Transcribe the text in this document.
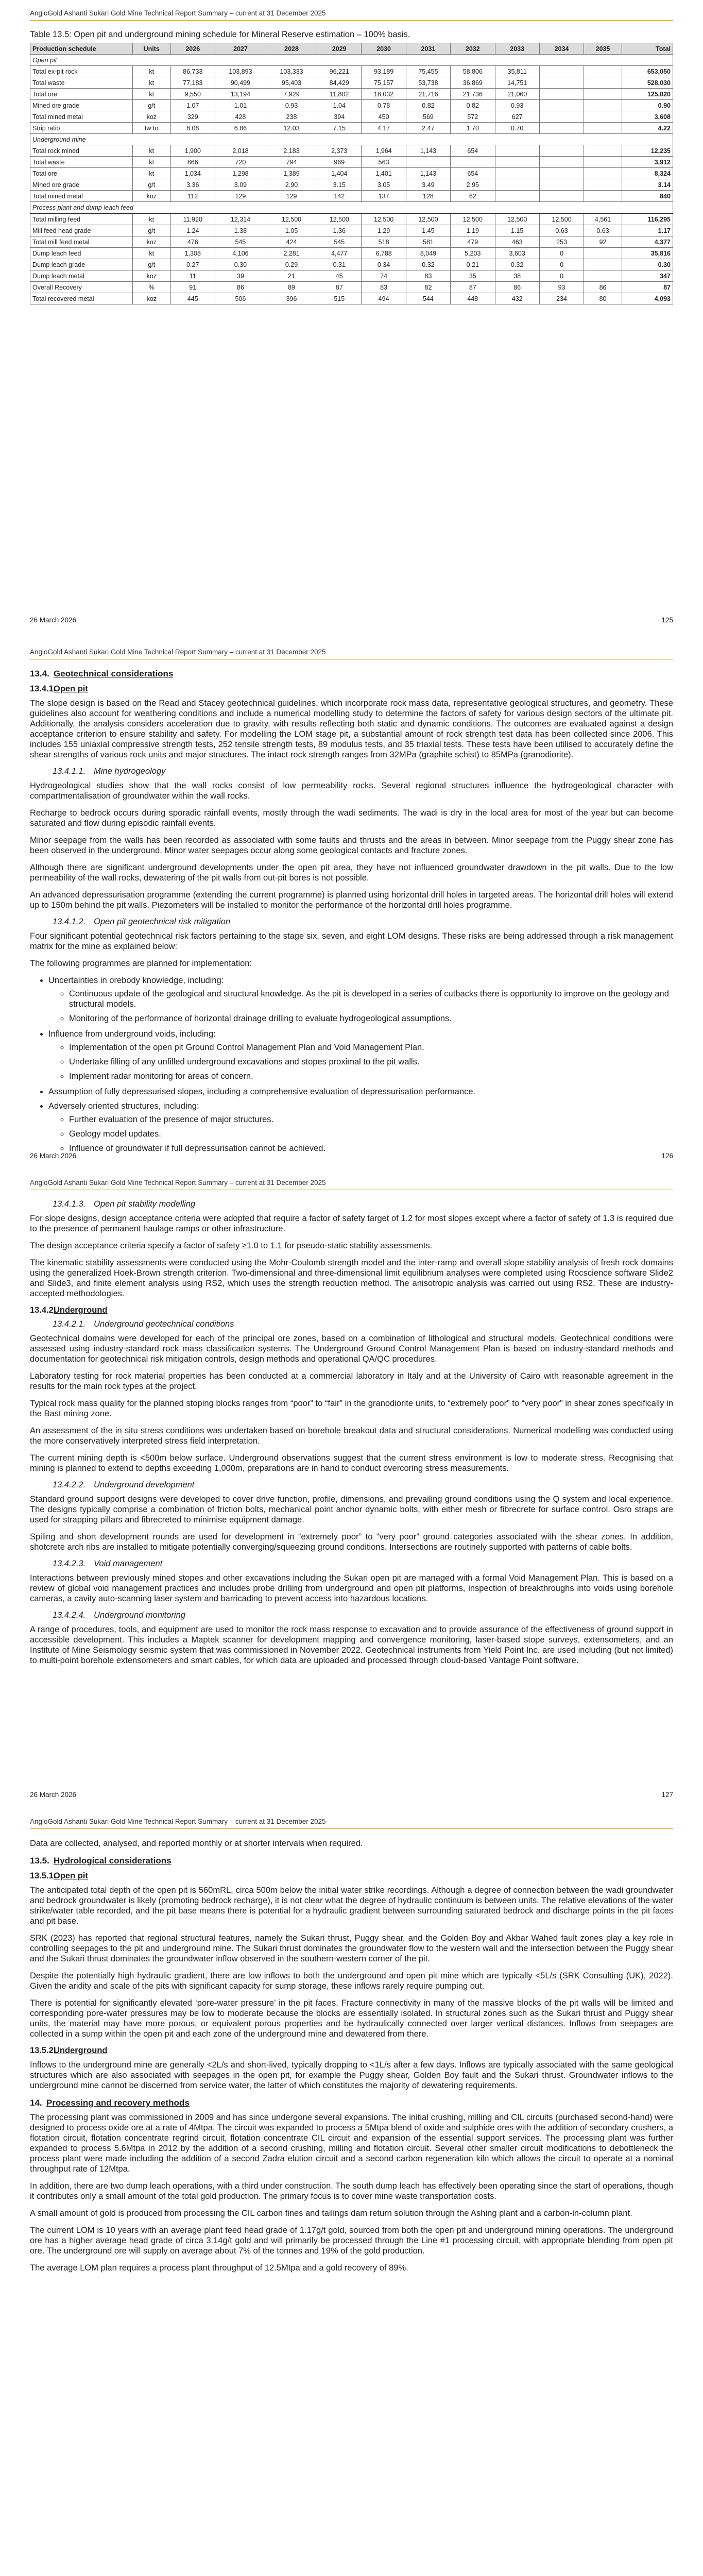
AngloGold Ashanti Sukari Gold Mine Technical Report Summary – current at 31 December 2025
Table 13.5: Open pit and underground mining schedule for Mineral Reserve estimation – 100% basis.
Production schedule	Units	2026	2027	2028	2029	2030	2031	2032	2033	2034	2035	Total
Open pit												
Total ex-pit rock	kt	86,733	103,893	103,333	96,221	93,189	75,455	58,806	35,811			653,050
Total waste	kt	77,183	90,499	95,403	84,429	75,157	53,738	36,869	14,751			528,030
Total ore	kt	9,550	13,194	7,929	11,802	18,032	21,716	21,736	21,060			125,020
Mined ore grade	g/t	1.07	1.01	0.93	1.04	0.78	0.82	0.82	0.93			0.90
Total mined metal	koz	329	428	238	394	450	569	572	627			3,608
Strip ratio	tw:to	8.08	6.86	12.03	7.15	4.17	2.47	1.70	0.70			4.22
Underground mine												
Total rock mined	kt	1,900	2,018	2,183	2,373	1,964	1,143	654				12,235
Total waste	kt	866	720	794	969	563						3,912
Total ore	kt	1,034	1,298	1,389	1,404	1,401	1,143	654				8,324
Mined ore grade	g/t	3.36	3.09	2.90	3.15	3.05	3.49	2.95				3.14
Total mined metal	koz	112	129	129	142	137	128	62				840
Process plant and dump leach feed												
Total milling feed	kt	11,920	12,314	12,500	12,500	12,500	12,500	12,500	12,500	12,500	4,561	116,295
Mill feed head grade	g/t	1.24	1.38	1.05	1.36	1.29	1.45	1.19	1.15	0.63	0.63	1.17
Total mill feed metal	koz	476	545	424	545	518	581	479	463	253	92	4,377
Dump leach feed	kt	1,308	4,106	2,281	4,477	6,788	8,049	5,203	3,603	0		35,816
Dump leach grade	g/t	0.27	0.30	0.29	0.31	0.34	0.32	0.21	0.32	0		0.30
Dump leach metal	koz	11	39	21	45	74	83	35	38	0		347
Overall Recovery	%	91	86	89	87	83	82	87	86	93	86	87
Total recovered metal	koz	445	506	396	515	494	544	448	432	234	80	4,093
26 March 2026	125
AngloGold Ashanti Sukari Gold Mine Technical Report Summary – current at 31 December 2025
13.4. Geotechnical considerations
13.4.1.Open pit

The slope design is based on the Read and Stacey geotechnical guidelines, which incorporate rock mass data, representative geological structures, and geometry. These guidelines also account for weathering conditions and include a numerical modelling study to determine the factors of safety for various design sectors of the ultimate pit. Additionally, the analysis considers acceleration due to gravity, with results reflecting both static and dynamic conditions. The outcomes are evaluated against a design acceptance criterion to ensure stability and safety. For modelling the LOM stage pit, a substantial amount of rock strength test data has been collected since 2006. This includes 155 uniaxial compressive strength tests, 252 tensile strength tests, 89 modulus tests, and 35 triaxial tests. These tests have been utilised to accurately define the shear strengths of various rock units and major structures. The intact rock strength ranges from 32MPa (graphite schist) to 85MPa (granodiorite).

13.4.1.1. Mine hydrogeology

Hydrogeological studies show that the wall rocks consist of low permeability rocks. Several regional structures influence the hydrogeological character with compartmentalisation of groundwater within the wall rocks.

Recharge to bedrock occurs during sporadic rainfall events, mostly through the wadi sediments. The wadi is dry in the local area for most of the year but can become saturated and flow during episodic rainfall events.

Minor seepage from the walls has been recorded as associated with some faults and thrusts and the areas in between. Minor seepage from the Puggy shear zone has been observed in the underground. Minor water seepages occur along some geological contacts and fracture zones.

Although there are significant underground developments under the open pit area, they have not influenced groundwater drawdown in the pit walls. Due to the low permeability of the wall rocks, dewatering of the pit walls from out-pit bores is not possible.

An advanced depressurisation programme (extending the current programme) is planned using horizontal drill holes in targeted areas. The horizontal drill holes will extend up to 150m behind the pit walls. Piezometers will be installed to monitor the performance of the horizontal drill holes programme.

13.4.1.2. Open pit geotechnical risk mitigation

Four significant potential geotechnical risk factors pertaining to the stage six, seven, and eight LOM designs. These risks are being addressed through a risk management matrix for the mine as explained below:

The following programmes are planned for implementation:

• Uncertainties in orebody knowledge, including:
◦ Continuous update of the geological and structural knowledge. As the pit is developed in a series of cutbacks there is opportunity to improve on the geology and structural models.
◦ Monitoring of the performance of horizontal drainage drilling to evaluate hydrogeological assumptions.
• Influence from underground voids, including:
◦ Implementation of the open pit Ground Control Management Plan and Void Management Plan.
◦ Undertake filling of any unfilled underground excavations and stopes proximal to the pit walls.
◦ Implement radar monitoring for areas of concern.
• Assumption of fully depressurised slopes, including a comprehensive evaluation of depressurisation performance.
• Adversely oriented structures, including:
◦ Further evaluation of the presence of major structures.
◦ Geology model updates.
◦ Influence of groundwater if full depressurisation cannot be achieved.
26 March 2026	126
AngloGold Ashanti Sukari Gold Mine Technical Report Summary – current at 31 December 2025
13.4.1.3. Open pit stability modelling

For slope designs, design acceptance criteria were adopted that require a factor of safety target of 1.2 for most slopes except where a factor of safety of 1.3 is required due to the presence of permanent haulage ramps or other infrastructure.

The design acceptance criteria specify a factor of safety ≥1.0 to 1.1 for pseudo-static stability assessments.

The kinematic stability assessments were conducted using the Mohr-Coulomb strength model and the inter-ramp and overall slope stability analysis of fresh rock domains using the generalized Hoek-Brown strength criterion. Two-dimensional and three-dimensional limit equilibrium analyses were completed using Rocscience software Slide2 and Slide3, and finite element analysis using RS2, which uses the strength reduction method. The anisotropic analysis was carried out using RS2. These are industry-accepted methodologies.

13.4.2.Underground
13.4.2.1. Underground geotechnical conditions

Geotechnical domains were developed for each of the principal ore zones, based on a combination of lithological and structural models. Geotechnical conditions were assessed using industry-standard rock mass classification systems. The Underground Ground Control Management Plan is based on industry-standard methods and documentation for geotechnical risk mitigation controls, design methods and operational QA/QC procedures.

Laboratory testing for rock material properties has been conducted at a commercial laboratory in Italy and at the University of Cairo with reasonable agreement in the results for the main rock types at the project.

Typical rock mass quality for the planned stoping blocks ranges from “poor” to “fair” in the granodiorite units, to “extremely poor” to “very poor” in shear zones specifically in the Bast mining zone.

An assessment of the in situ stress conditions was undertaken based on borehole breakout data and structural considerations. Numerical modelling was conducted using the more conservatively interpreted stress field interpretation.

The current mining depth is <500m below surface. Underground observations suggest that the current stress environment is low to moderate stress. Recognising that mining is planned to extend to depths exceeding 1,000m, preparations are in hand to conduct overcoring stress measurements.

13.4.2.2. Underground development

Standard ground support designs were developed to cover drive function, profile, dimensions, and prevailing ground conditions using the Q system and local experience. The designs typically comprise a combination of friction bolts, mechanical point anchor dynamic bolts, with either mesh or fibrecrete for surface control. Osro straps are used for strapping pillars and fibrecreted to minimise equipment damage.

Spiling and short development rounds are used for development in “extremely poor” to “very poor” ground categories associated with the shear zones. In addition, shotcrete arch ribs are installed to mitigate potentially converging/squeezing ground conditions. Intersections are routinely supported with patterns of cable bolts.

13.4.2.3. Void management

Interactions between previously mined stopes and other excavations including the Sukari open pit are managed with a formal Void Management Plan. This is based on a review of global void management practices and includes probe drilling from underground and open pit platforms, inspection of breakthroughs into voids using borehole cameras, a cavity auto-scanning laser system and barricading to prevent access into hazardous locations.

13.4.2.4. Underground monitoring

A range of procedures, tools, and equipment are used to monitor the rock mass response to excavation and to provide assurance of the effectiveness of ground support in accessible development. This includes a Maptek scanner for development mapping and convergence monitoring, laser-based stope surveys, extensometers, and an Institute of Mine Seismology seismic system that was commissioned in November 2022. Geotechnical instruments from Yield Point Inc. are used including (but not limited) to multi-point borehole extensometers and smart cables, for which data are uploaded and processed through cloud-based Vantage Point software.

26 March 2026	127
AngloGold Ashanti Sukari Gold Mine Technical Report Summary – current at 31 December 2025

Data are collected, analysed, and reported monthly or at shorter intervals when required.

13.5. Hydrological considerations
13.5.1.Open pit

The anticipated total depth of the open pit is 560mRL, circa 500m below the initial water strike recordings. Although a degree of connection between the wadi groundwater and bedrock groundwater is likely (promoting bedrock recharge), it is not clear what the degree of hydraulic continuum is between units. The relative elevations of the water strike/water table recorded, and the pit base means there is potential for a hydraulic gradient between surrounding saturated bedrock and discharge points in the pit faces and pit base.

SRK (2023) has reported that regional structural features, namely the Sukari thrust, Puggy shear, and the Golden Boy and Akbar Wahed fault zones play a key role in controlling seepages to the pit and underground mine. The Sukari thrust dominates the groundwater flow to the western wall and the intersection between the Puggy shear and the Sukari thrust dominates the groundwater inflow observed in the southern-western corner of the pit.

Despite the potentially high hydraulic gradient, there are low inflows to both the underground and open pit mine which are typically <5L/s (SRK Consulting (UK), 2022). Given the aridity and scale of the pits with significant capacity for sump storage, these inflows rarely require pumping out.

There is potential for significantly elevated ‘pore-water pressure’ in the pit faces. Fracture connectivity in many of the massive blocks of the pit walls will be limited and corresponding pore-water pressures may be low to moderate because the blocks are essentially isolated. In structural zones such as the Sukari thrust and Puggy shear units, the material may have more porous, or equivalent porous properties and be hydraulically connected over larger vertical distances. Inflows from seepages are collected in a sump within the open pit and each zone of the underground mine and dewatered from there.

13.5.2.Underground

Inflows to the underground mine are generally <2L/s and short-lived, typically dropping to <1L/s after a few days. Inflows are typically associated with the same geological structures which are also associated with seepages in the open pit, for example the Puggy shear, Golden Boy fault and the Sukari thrust. Groundwater inflows to the underground mine cannot be discerned from service water, the latter of which constitutes the majority of dewatering requirements.

14. Processing and recovery methods

The processing plant was commissioned in 2009 and has since undergone several expansions. The initial crushing, milling and CIL circuits (purchased second-hand) were designed to process oxide ore at a rate of 4Mtpa. The circuit was expanded to process a 5Mtpa blend of oxide and sulphide ores with the addition of secondary crushers, a flotation circuit, flotation concentrate regrind circuit, flotation concentrate CIL circuit and expansion of the essential support services. The processing plant was further expanded to process 5.6Mtpa in 2012 by the addition of a second crushing, milling and flotation circuit. Several other smaller circuit modifications to debottleneck the process plant were made including the addition of a second Zadra elution circuit and a second carbon regeneration kiln which allows the circuit to operate at a nominal throughput rate of 12Mtpa.

In addition, there are two dump leach operations, with a third under construction. The south dump leach has effectively been operating since the start of operations, though it contributes only a small amount of the total gold production. The primary focus is to cover mine waste transportation costs.

A small amount of gold is produced from processing the CIL carbon fines and tailings dam return solution through the Ashing plant and a carbon-in-column plant.

The current LOM is 10 years with an average plant feed head grade of 1.17g/t gold, sourced from both the open pit and underground mining operations. The underground ore has a higher average head grade of circa 3.14g/t gold and will primarily be processed through the Line #1 processing circuit, with appropriate blending from open pit ore. The underground ore will supply on average about 7% of the tonnes and 19% of the gold production.

The average LOM plan requires a process plant throughput of 12.5Mtpa and a gold recovery of 89%.
